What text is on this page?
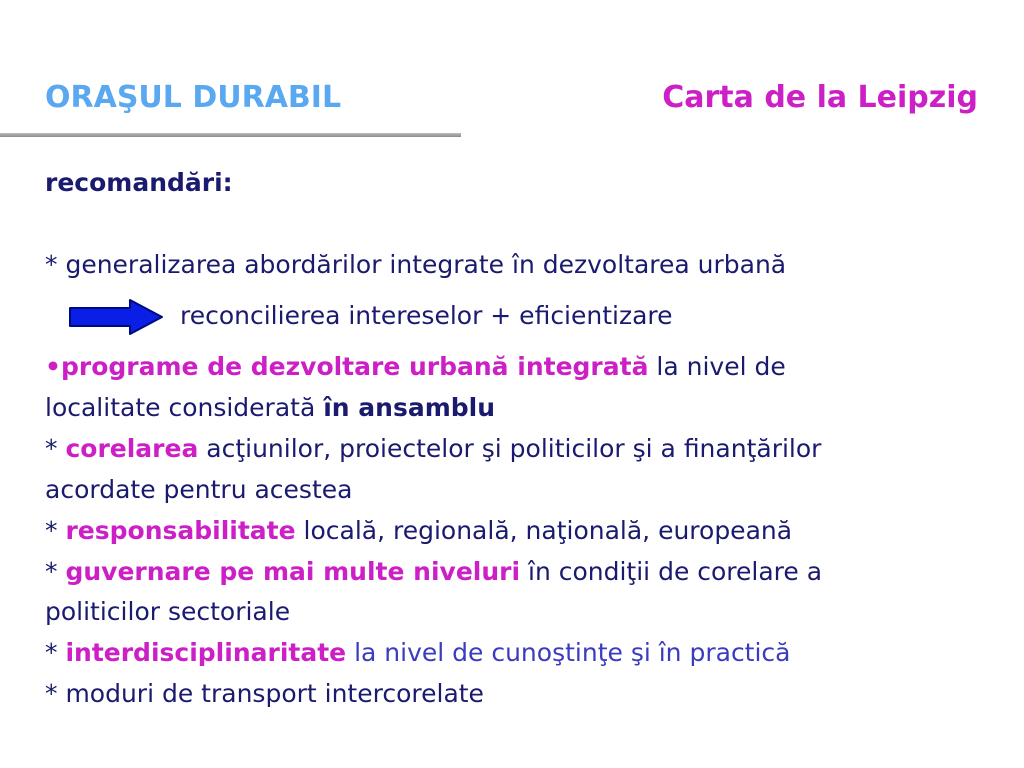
ORAŞUL DURABIL	Carta de la Leipzig
recomandări:
* generalizarea abordărilor integrate în dezvoltarea urbană
reconcilierea intereselor + eficientizare
•programe de dezvoltare urbană integrată la nivel de
localitate considerată în ansamblu
* corelarea acţiunilor, proiectelor şi politicilor şi a finanţărilor
acordate pentru acestea
* responsabilitate locală, regională, naţională, europeană
* guvernare pe mai multe niveluri în condiţii de corelare a
politicilor sectoriale
* interdisciplinaritate la nivel de cunoştinţe şi în practică
* moduri de transport intercorelate
